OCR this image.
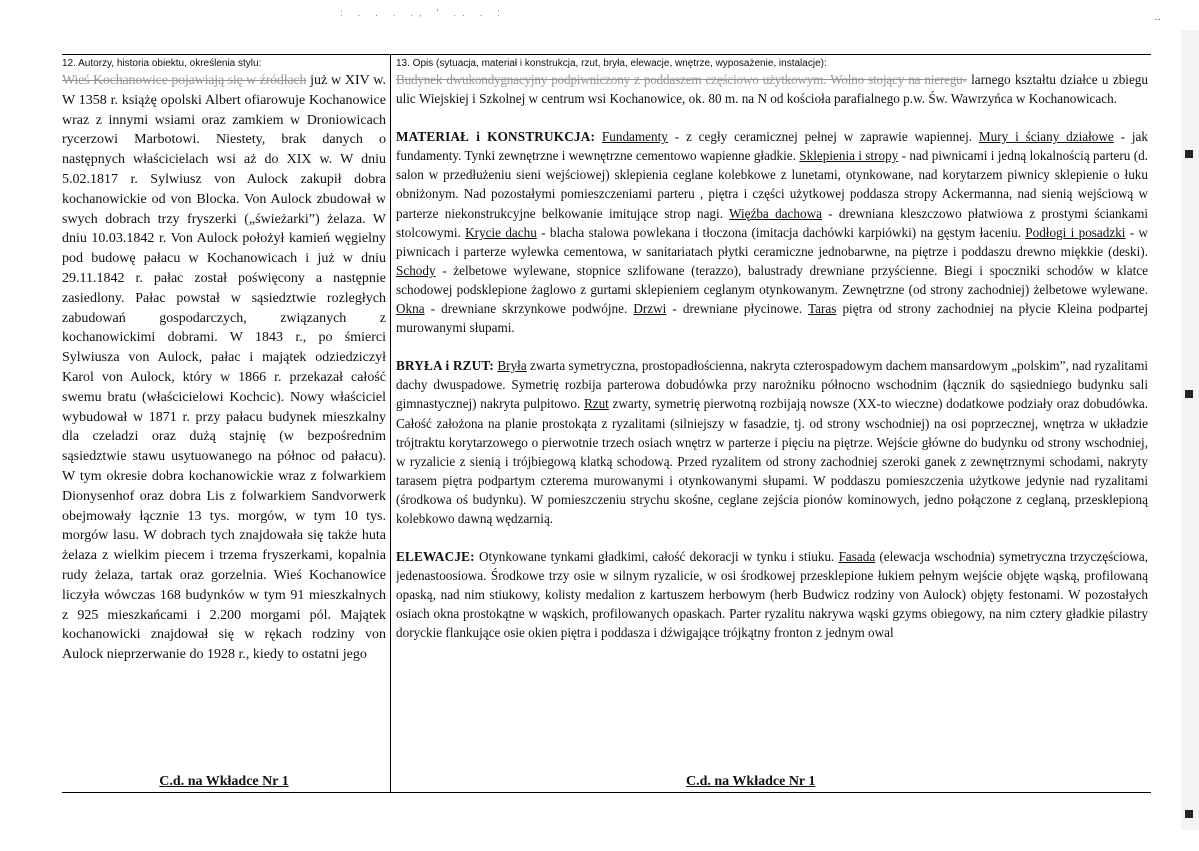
: . . . ., ' .. . :
··
12. Autorzy, historia obiektu, określenia stylu:

Wieś Kochanowice pojawiają się w źródłach już w XIV w. W 1358 r. książę opolski Albert ofiarowuje Kochanowice wraz z innymi wsiami oraz zamkiem w Droniowicach rycerzowi Marbotowi. Niestety, brak danych o następnych właścicielach wsi aż do XIX w. W dniu 5.02.1817 r. Sylwiusz von Aulock zakupił dobra kochanowickie od von Blocka. Von Aulock zbudował w swych dobrach trzy fryszerki („świeżarki”) żelaza. W dniu 10.03.1842 r. Von Aulock położył kamień węgielny pod budowę pałacu w Kochanowicach i już w dniu 29.11.1842 r. pałac został poświęcony a następnie zasiedlony. Pałac powstał w sąsiedztwie rozległych zabudowań gospodarczych, związanych z kochanowickimi dobrami. W 1843 r., po śmierci Sylwiusza von Aulock, pałac i majątek odziedziczył Karol von Aulock, który w 1866 r. przekazał całość swemu bratu (właścicielowi Kochcic). Nowy właściciel wybudował w 1871 r. przy pałacu budynek mieszkalny dla czeladzi oraz dużą stajnię (w bezpośrednim sąsiedztwie stawu usytuowanego na północ od pałacu). W tym okresie dobra kochanowickie wraz z folwarkiem Dionysenhof oraz dobra Lis z folwarkiem Sandvorwerk obejmowały łącznie 13 tys. morgów, w tym 10 tys. morgów lasu. W dobrach tych znajdowała się także huta żelaza z wielkim piecem i trzema fryszerkami, kopalnia rudy żelaza, tartak oraz gorzelnia. Wieś Kochanowice liczyła wówczas 168 budynków w tym 91 mieszkalnych z 925 mieszkańcami i 2.200 morgami pól. Majątek kochanowicki znajdował się w rękach rodziny von Aulock nieprzerwanie do 1928 r., kiedy to ostatni jego

C.d. na Wkładce Nr 1
13. Opis (sytuacja, materiał i konstrukcja, rzut, bryła, elewacje, wnętrze, wyposażenie, instalacje):

Budynek dwukondygnacyjny podpiwniczony z poddaszem częściowo użytkowym. Wolno stojący na nieregu- larnego kształtu działce u zbiegu ulic Wiejskiej i Szkolnej w centrum wsi Kochanowice, ok. 80 m. na N od kościoła parafialnego p.w. Św. Wawrzyńca w Kochanowicach.

MATERIAŁ i KONSTRUKCJA: Fundamenty - z cegły ceramicznej pełnej w zaprawie wapiennej. Mury i ściany działowe - jak fundamenty. Tynki zewnętrzne i wewnętrzne cementowo wapienne gładkie. Sklepienia i stropy - nad piwnicami i jedną lokalnością parteru (d. salon w przedłużeniu sieni wejściowej) sklepienia ceglane kolebkowe z lunetami, otynkowane, nad korytarzem piwnicy sklepienie o łuku obniżonym. Nad pozostałymi pomieszczeniami parteru , piętra i części użytkowej poddasza stropy Ackermanna, nad sienią wejściową w parterze niekonstrukcyjne belkowanie imitujące strop nagi. Więźba dachowa - drewniana kleszczowo płatwiowa z prostymi ściankami stolcowymi. Krycie dachu - blacha stalowa powlekana i tłoczona (imitacja dachówki karpiówki) na gęstym łaceniu. Podłogi i posadzki - w piwnicach i parterze wylewka cementowa, w sanitariatach płytki ceramiczne jednobarwne, na piętrze i poddaszu drewno miękkie (deski). Schody - żelbetowe wylewane, stopnice szlifowane (terazzo), balustrady drewniane przyścienne. Biegi i spoczniki schodów w klatce schodowej podsklepione żaglowo z gurtami sklepieniem ceglanym otynkowanym. Zewnętrzne (od strony zachodniej) żelbetowe wylewane. Okna - drewniane skrzynkowe podwójne. Drzwi - drewniane płycinowe. Taras piętra od strony zachodniej na płycie Kleina podpartej murowanymi słupami.

BRYŁA i RZUT: Bryła zwarta symetryczna, prostopadłościenna, nakryta czterospadowym dachem mansardowym „polskim”, nad ryzalitami dachy dwuspadowe. Symetrię rozbija parterowa dobudówka przy narożniku północno wschodnim (łącznik do sąsiedniego budynku sali gimnastycznej) nakryta pulpitowo. Rzut zwarty, symetrię pierwotną rozbijają nowsze (XX-to wieczne) dodatkowe podziały oraz dobudówka. Całość założona na planie prostokąta z ryzalitami (silniejszy w fasadzie, tj. od strony wschodniej) na osi poprzecznej, wnętrza w układzie trójtraktu korytarzowego o pierwotnie trzech osiach wnętrz w parterze i pięciu na piętrze. Wejście główne do budynku od strony wschodniej, w ryzalicie z sienią i trójbiegową klatką schodową. Przed ryzalitem od strony zachodniej szeroki ganek z zewnętrznymi schodami, nakryty tarasem piętra podpartym czterema murowanymi i otynkowanymi słupami. W poddaszu pomieszczenia użytkowe jedynie nad ryzalitami (środkowa oś budynku). W pomieszczeniu strychu skośne, ceglane zejścia pionów kominowych, jedno połączone z ceglaną, przesklepioną kolebkowo dawną wędzarnią.

ELEWACJE: Otynkowane tynkami gładkimi, całość dekoracji w tynku i stiuku. Fasada (elewacja wschodnia) symetryczna trzyczęściowa, jedenastoosiowa. Środkowe trzy osie w silnym ryzalicie, w osi środkowej przesklepione łukiem pełnym wejście objęte wąską, profilowaną opaską, nad nim stiukowy, kolisty medalion z kartuszem herbowym (herb Budwicz rodziny von Aulock) objęty festonami. W pozostałych osiach okna prostokątne w wąskich, profilowanych opaskach. Parter ryzalitu nakrywa wąski gzyms obiegowy, na nim cztery gładkie pilastry doryckie flankujące osie okien piętra i poddasza i dźwigające trójkątny fronton z jednym owal

C.d. na Wkładce Nr 1
